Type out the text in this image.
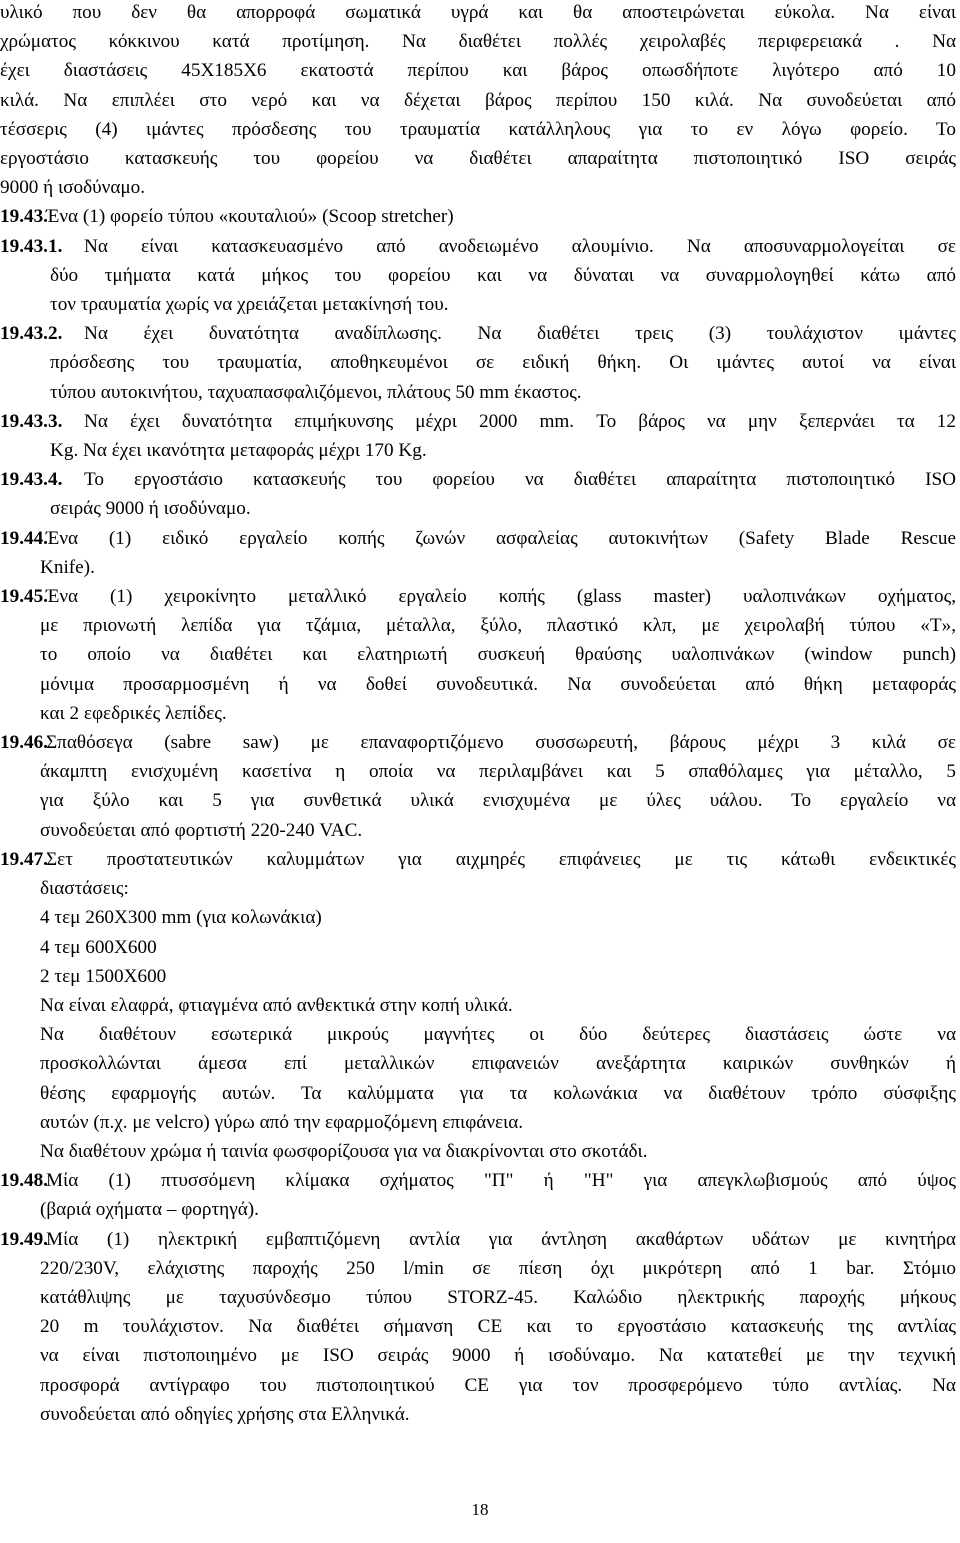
υλικό που δεν θα απορροφά σωματικά υγρά και θα αποστειρώνεται εύκολα. Να είναι
χρώματος κόκκινου κατά προτίμηση. Να διαθέτει πολλές χειρολαβές περιφερειακά . Να
έχει διαστάσεις 45X185X6 εκατοστά περίπου και βάρος οπωσδήποτε λιγότερο από 10
κιλά. Να επιπλέει στο νερό και να δέχεται βάρος περίπου 150 κιλά. Να συνοδεύεται από
τέσσερις (4) ιμάντες πρόσδεσης του τραυματία κατάλληλους για το εν λόγω φορείο. Το
εργοστάσιο κατασκευής του φορείου να διαθέτει απαραίτητα πιστοποιητικό ISO σειράς
9000 ή ισοδύναμο.
19.43.
Ένα (1) φορείο τύπου «κουταλιού» (Scoop stretcher)
19.43.1.	Να είναι κατασκευασμένο από ανοδειωμένο αλουμίνιο. Να αποσυναρμολογείται σε
δύο τμήματα κατά μήκος του φορείου και να δύναται να συναρμολογηθεί κάτω από
τον τραυματία χωρίς να χρειάζεται μετακίνησή του.
19.43.2.	Να έχει δυνατότητα αναδίπλωσης. Να διαθέτει τρεις (3) τουλάχιστον ιμάντες
πρόσδεσης του τραυματία, αποθηκευμένοι σε ειδική θήκη. Οι ιμάντες αυτοί να είναι
τύπου αυτοκινήτου, ταχυαπασφαλιζόμενοι, πλάτους 50 mm έκαστος.
19.43.3.	Να έχει δυνατότητα επιμήκυνσης μέχρι 2000 mm. Το βάρος να μην ξεπερνάει τα 12
Kg. Να έχει ικανότητα μεταφοράς μέχρι 170 Kg.
19.43.4.	Το εργοστάσιο κατασκευής του φορείου να διαθέτει απαραίτητα πιστοποιητικό ISO
σειράς 9000 ή ισοδύναμο.
19.44.
Ένα (1) ειδικό εργαλείο κοπής ζωνών ασφαλείας αυτοκινήτων (Safety Blade Rescue
Knife).
19.45.
Ένα (1) χειροκίνητο μεταλλικό εργαλείο κοπής (glass master) υαλοπινάκων οχήματος,
με πριονωτή λεπίδα για τζάμια, μέταλλα, ξύλο, πλαστικό κλπ, με χειρολαβή τύπου «Τ»,
το οποίο να διαθέτει και ελατηριωτή συσκευή θραύσης υαλοπινάκων (window punch)
μόνιμα προσαρμοσμένη ή να δοθεί συνοδευτικά. Να συνοδεύεται από θήκη μεταφοράς
και 2 εφεδρικές λεπίδες.
19.46.
Σπαθόσεγα (sabre saw) με επαναφορτιζόμενο συσσωρευτή, βάρους μέχρι 3 κιλά σε
άκαμπτη ενισχυμένη κασετίνα η οποία να περιλαμβάνει και 5 σπαθόλαμες για μέταλλο, 5
για ξύλο και 5 για συνθετικά υλικά ενισχυμένα με ύλες υάλου. Το εργαλείο να
συνοδεύεται από φορτιστή 220-240 VAC.
19.47.
Σετ προστατευτικών καλυμμάτων για αιχμηρές επιφάνειες με τις κάτωθι ενδεικτικές
διαστάσεις:
4 τεμ 260X300 mm (για κολωνάκια)
4 τεμ 600X600
2 τεμ 1500X600
Να είναι ελαφρά, φτιαγμένα από ανθεκτικά στην κοπή υλικά.
Να διαθέτουν εσωτερικά μικρούς μαγνήτες οι δύο δεύτερες διαστάσεις ώστε να
προσκολλώνται άμεσα επί μεταλλικών επιφανειών ανεξάρτητα καιρικών συνθηκών ή
θέσης εφαρμογής αυτών. Τα καλύμματα για τα κολωνάκια να διαθέτουν τρόπο σύσφιξης
αυτών (π.χ. με velcro) γύρω από την εφαρμοζόμενη επιφάνεια.
Να διαθέτουν χρώμα ή ταινία φωσφορίζουσα για να διακρίνονται στο σκοτάδι.
19.48.
Μία (1) πτυσσόμενη κλίμακα σχήματος "Π" ή "Η" για απεγκλωβισμούς από ύψος
(βαριά οχήματα – φορτηγά).
19.49.
Μία (1) ηλεκτρική εμβαπτιζόμενη αντλία για άντληση ακαθάρτων υδάτων με κινητήρα
220/230V, ελάχιστης παροχής 250 l/min σε πίεση όχι μικρότερη από 1 bar. Στόμιο
κατάθλιψης με ταχυσύνδεσμο τύπου STORZ-45. Καλώδιο ηλεκτρικής παροχής μήκους
20 m τουλάχιστον. Να διαθέτει σήμανση CE και το εργοστάσιο κατασκευής της αντλίας
να είναι πιστοποιημένο με ISO σειράς 9000 ή ισοδύναμο. Να κατατεθεί με την τεχνική
προσφορά αντίγραφο του πιστοποιητικού CE για τον προσφερόμενο τύπο αντλίας. Να
συνοδεύεται από οδηγίες χρήσης στα Ελληνικά.
18
